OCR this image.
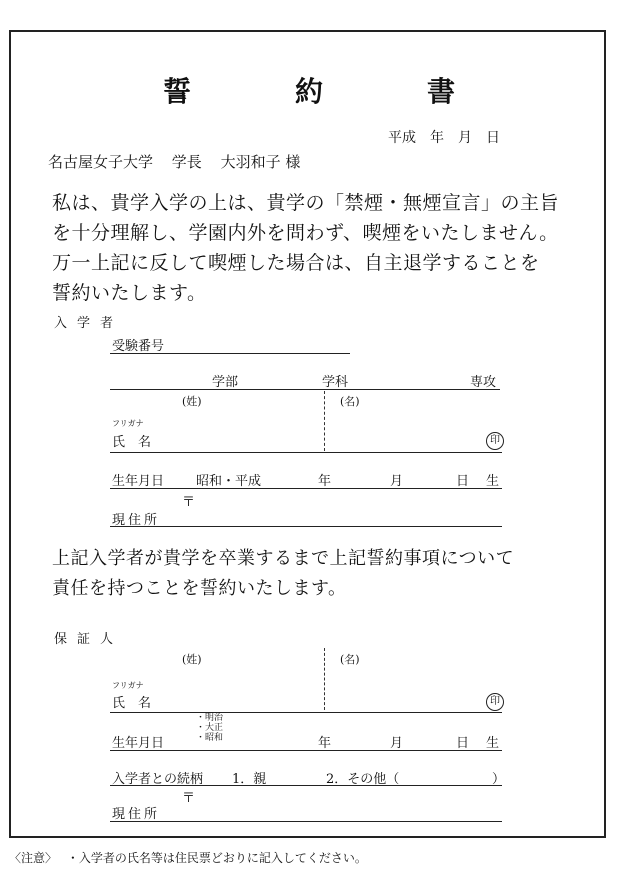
誓　約　書
平成　年　月　日
名古屋女子大学 学長 大羽和子 様
私は、貴学入学の上は、貴学の「禁煙・無煙宣言」の主旨
を十分理解し、学園内外を問わず、喫煙をいたしません。
万一上記に反して喫煙した場合は、自主退学することを
誓約いたします。
入学者
受験番号
学部	学科	専攻
(姓)	(名)
フリガナ
氏　名	印
生年月日 昭和・平成	年	月	日 生
〒
現住所
上記入学者が貴学を卒業するまで上記誓約事項について
責任を持つことを誓約いたします。
保証人
(姓)	(名)
フリガナ
氏　名	印
・明治
・大正
・昭和
生年月日	年	月	日 生
入学者との続柄 1．親	2．その他（	）
〒
現住所
〈注意〉 ・入学者の氏名等は住民票どおりに記入してください。
